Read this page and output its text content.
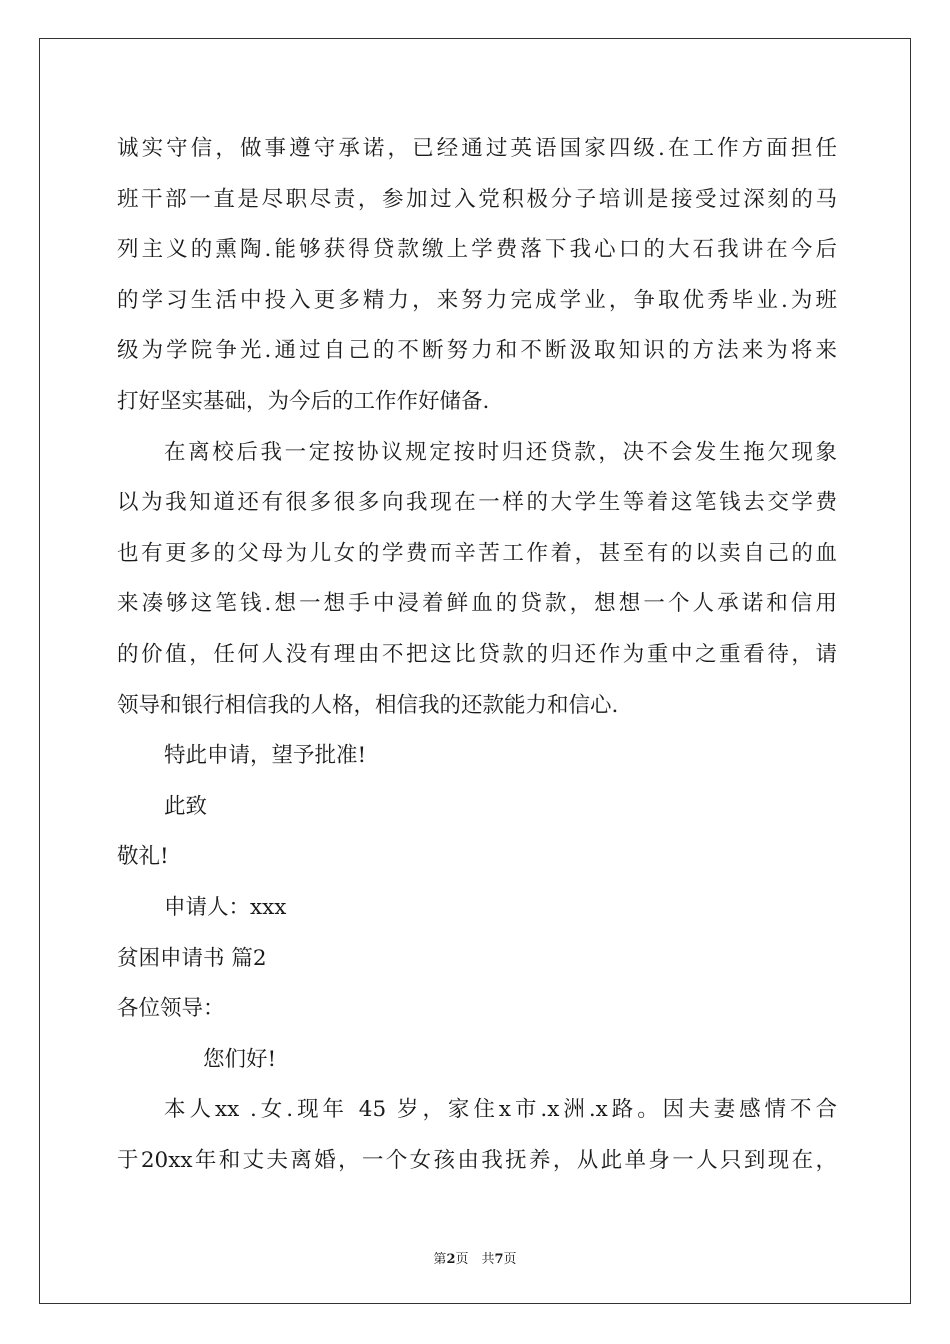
诚实守信，做事遵守承诺，已经通过英语国家四级.在工作方面担任
班干部一直是尽职尽责，参加过入党积极分子培训是接受过深刻的马
列主义的熏陶.能够获得贷款缴上学费落下我心口的大石我讲在今后
的学习生活中投入更多精力，来努力完成学业，争取优秀毕业.为班
级为学院争光.通过自己的不断努力和不断汲取知识的方法来为将来
打好坚实基础，为今后的工作作好储备.
在离校后我一定按协议规定按时归还贷款，决不会发生拖欠现象
以为我知道还有很多很多向我现在一样的大学生等着这笔钱去交学费
也有更多的父母为儿女的学费而辛苦工作着，甚至有的以卖自己的血
来凑够这笔钱.想一想手中浸着鲜血的贷款，想想一个人承诺和信用
的价值，任何人没有理由不把这比贷款的归还作为重中之重看待，请
领导和银行相信我的人格，相信我的还款能力和信心.
特此申请，望予批准!
此致
敬礼!
申请人：xxx
贫困申请书 篇2
各位领导：
您们好!
本人xx .女.现年 45 岁，家住x市.x洲.x路。因夫妻感情不合
于20xx年和丈夫离婚，一个女孩由我抚养，从此单身一人只到现在，
第2页　共7页
